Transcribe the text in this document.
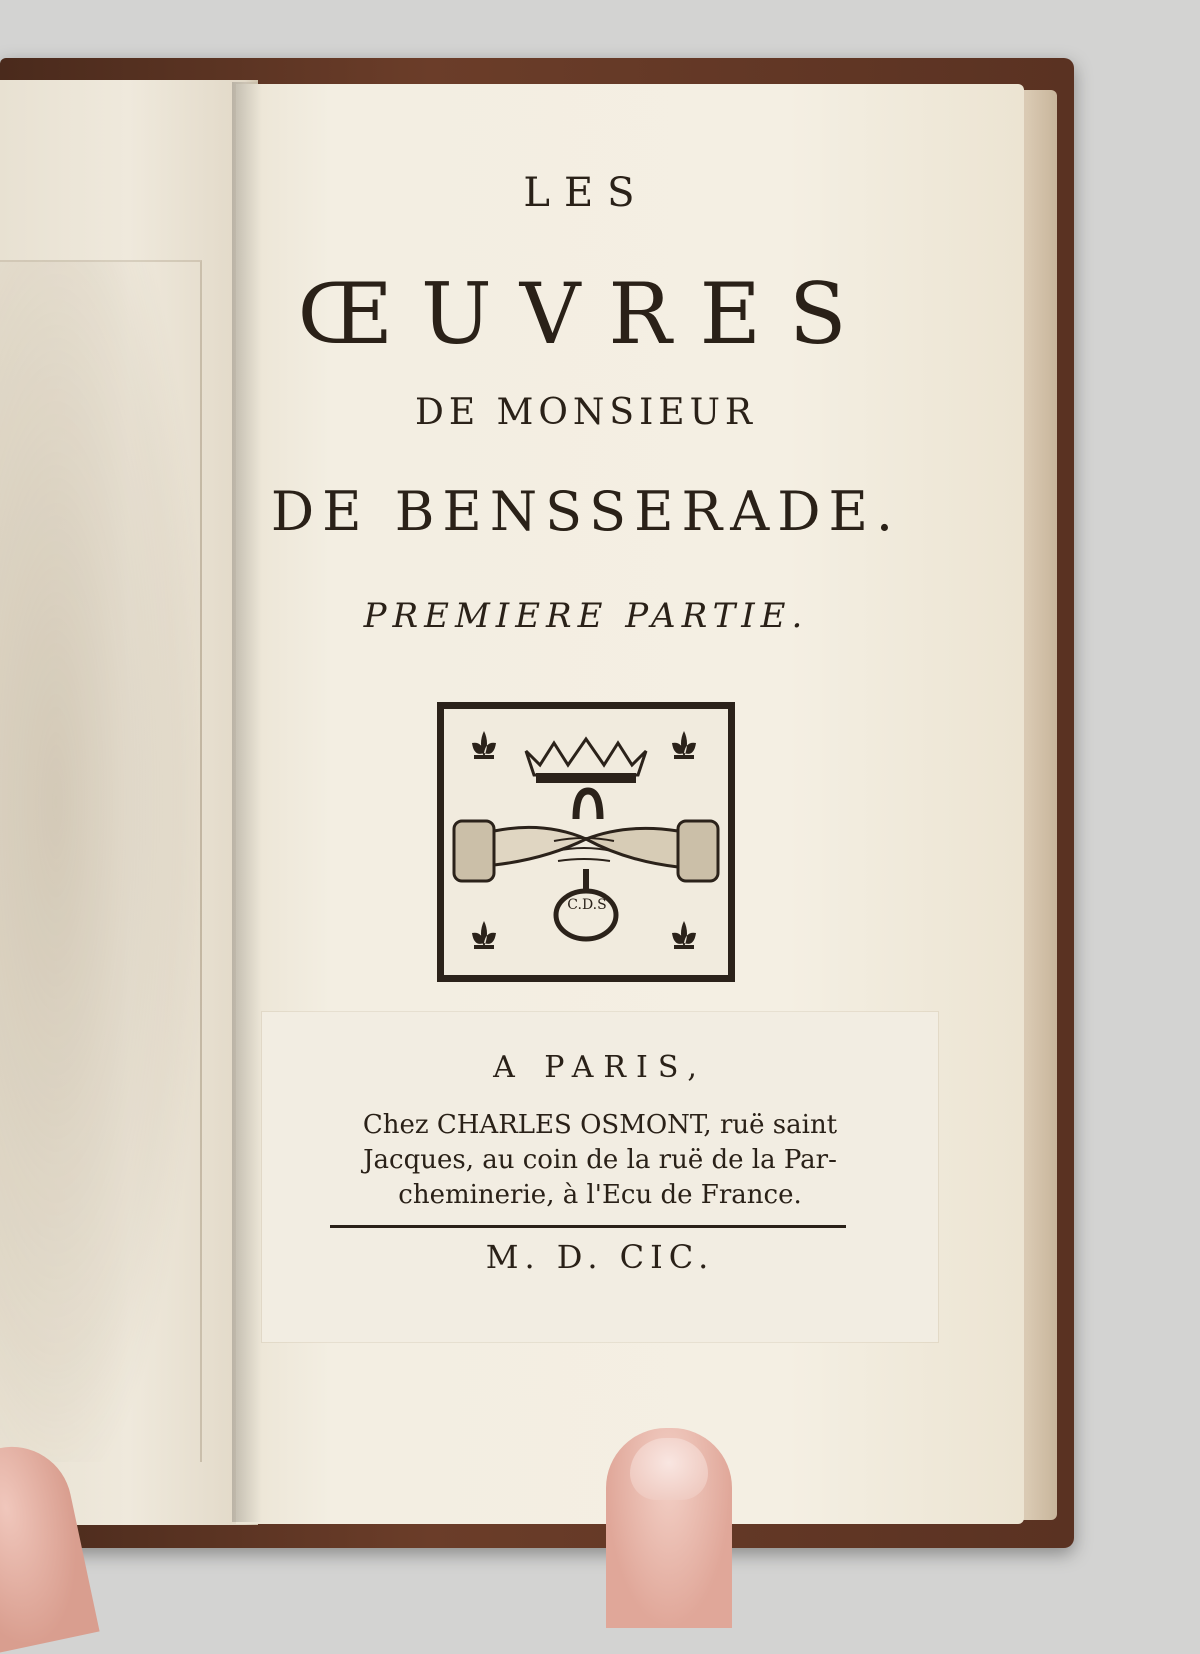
LES
ŒUVRES
DE MONSIEUR
DE BENSSERADE.
PREMIERE PARTIE.
C.D.S
A PARIS,
Chez CHARLES OSMONT, ruë saint
Jacques, au coin de la ruë de la Par-
cheminerie, à l'Ecu de France.
M. D. CIC.
